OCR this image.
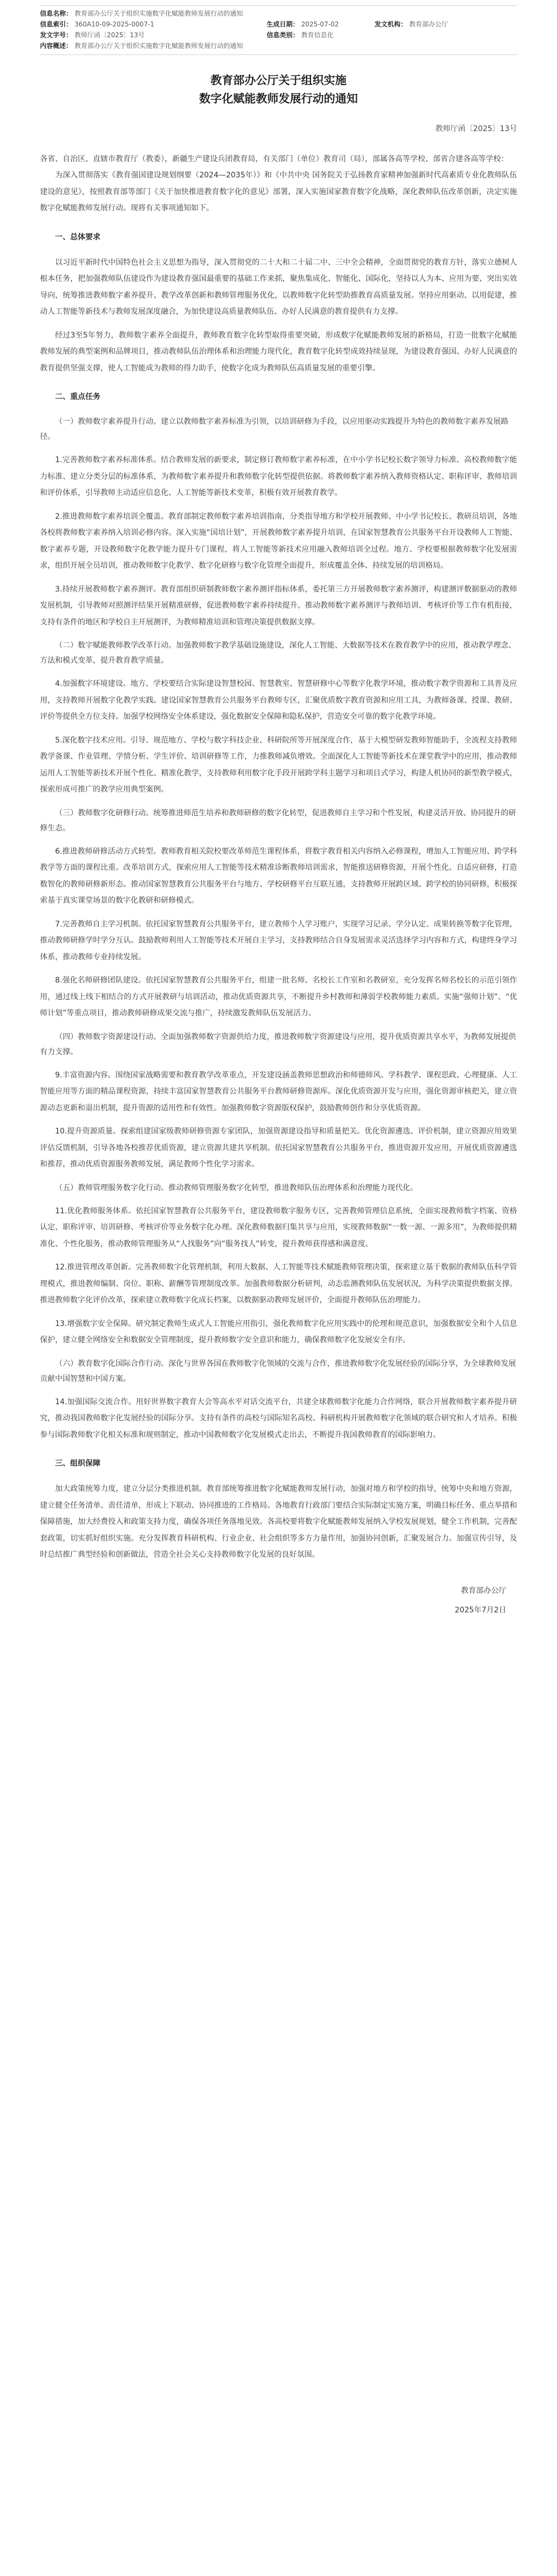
信息名称： 教育部办公厅关于组织实施数字化赋能教师发展行动的通知
信息索引： 360A10-09-2025-0007-1	生成日期： 2025-07-02	发文机构： 教育部办公厅
发文字号： 教师厅函〔2025〕13号	信息类别： 教育信息化
内容概述： 教育部办公厅关于组织实施数字化赋能教师发展行动的通知
教育部办公厅关于组织实施
数字化赋能教师发展行动的通知
教师厅函〔2025〕13号
各省、自治区、直辖市教育厅（教委），新疆生产建设兵团教育局，有关部门（单位）教育司（局），部属各高等学校、部省合建各高等学校：

为深入贯彻落实《教育强国建设规划纲要（2024—2035年）》和《中共中央 国务院关于弘扬教育家精神加强新时代高素质专业化教师队伍建设的意见》，按照教育部等部门《关于加快推进教育数字化的意见》部署，深入实施国家教育数字化战略，深化教师队伍改革创新，决定实施数字化赋能教师发展行动。现将有关事项通知如下。

一、总体要求

以习近平新时代中国特色社会主义思想为指导，深入贯彻党的二十大和二十届二中、三中全会精神，全面贯彻党的教育方针，落实立德树人根本任务，把加强教师队伍建设作为建设教育强国最重要的基础工作来抓，聚焦集成化、智能化、国际化，坚持以人为本、应用为要、突出实效导向，统筹推进教师数字素养提升、教学改革创新和教师管理服务优化，以教师数字化转型助推教育高质量发展。坚持应用驱动、以用促建，推动人工智能等新技术与教师发展深度融合，为加快建设高质量教师队伍、办好人民满意的教育提供有力支撑。

经过3至5年努力，教师数字素养全面提升，教师教育数字化转型取得重要突破，形成数字化赋能教师发展的新格局，打造一批数字化赋能教师发展的典型案例和品牌项目，推动教师队伍治理体系和治理能力现代化，教育数字化转型成效持续显现，为建设教育强国、办好人民满意的教育提供坚强支撑，使人工智能成为教师的得力助手，使数字化成为教师队伍高质量发展的重要引擎。

二、重点任务

（一）教师数字素养提升行动。建立以教师数字素养标准为引领，以培训研修为手段，以应用驱动实践提升为特色的教师数字素养发展路径。

1.完善教师数字素养标准体系。结合教师发展的新要求，制定修订教师数字素养标准，在中小学书记校长数字领导力标准、高校教师数字能力标准、建立分类分层的标准体系，为教师数字素养提升和教师数字化转型提供依据。将教师数字素养纳入教师资格认定、职称评审、教师培训和评价体系，引导教师主动适应信息化、人工智能等新技术变革，积极有效开展教育教学。

2.推进教师数字素养培训全覆盖。教育部制定教师数字素养培训指南，分类指导地方和学校开展教师、中小学书记校长、教研员培训，各地各校将教师数字素养纳入培训必修内容。深入实施“国培计划”，开展教师数字素养提升培训，在国家智慧教育公共服务平台开设教师人工智能、数字素养专题，开设教师数字化教学能力提升专门课程，将人工智能等新技术应用融入教师培训全过程。地方、学校要根据教师数字化发展需求，组织开展全员培训，推动教师数字化教学、数字化研修与数字化管理全面提升，形成覆盖全体、持续发展的培训格局。

3.持续开展教师数字素养测评。教育部组织研制教师数字素养测评指标体系，委托第三方开展教师数字素养测评，构建测评数据驱动的教师发展机制，引导教师对照测评结果开展精准研修，促进教师数字素养持续提升。推动教师数字素养测评与教师培训、考核评价等工作有机衔接，支持有条件的地区和学校自主开展测评，为教师精准培训和管理决策提供数据支撑。

（二）数字赋能教师教学改革行动。加强教师数字教学基础设施建设，深化人工智能、大数据等技术在教育教学中的应用，推动教学理念、方法和模式变革，提升教育教学质量。

4.加强数字环境建设。地方、学校要结合实际建设智慧校园、智慧教室、智慧研修中心等数字化教学环境，推动数字教学资源和工具普及应用，支持教师开展数字化教学实践。建设国家智慧教育公共服务平台教师专区，汇聚优质数字教育资源和应用工具，为教师备课、授课、教研、评价等提供全方位支持。加强学校网络安全体系建设，强化数据安全保障和隐私保护，营造安全可靠的数字化教学环境。

5.深化数字技术应用。引导、规范地方、学校与数字科技企业、科研院所等开展深度合作，基于大模型研发教师智能助手，全流程支持教师教学备课、作业管理、学情分析、学生评价、培训研修等工作，力推教师减负增效。全面深化人工智能等新技术在课堂教学中的应用，推动教师运用人工智能等新技术开展个性化、精准化教学，支持教师利用数字化手段开展跨学科主题学习和项目式学习，构建人机协同的新型教学模式，探索形成可推广的教学应用典型案例。

（三）教师数字化研修行动。统筹推进师范生培养和教师研修的数字化转型，促进教师自主学习和个性发展，构建灵活开放、协同提升的研修生态。

6.推进教师研修活动方式转型。教师教育相关院校要改革师范生课程体系，将数字教育相关内容纳入必修课程，增加人工智能应用、跨学科教学等方面的课程比重。改革培训方式，探索应用人工智能等技术精准诊断教师培训需求，智能推送研修资源，开展个性化、自适应研修，打造数智化的教师研修新形态。推动国家智慧教育公共服务平台与地方、学校研修平台互联互通，支持教师开展跨区域、跨学校的协同研修，积极探索基于真实课堂场景的数字化教研和研修模式。

7.完善教师自主学习机制。依托国家智慧教育公共服务平台，建立教师个人学习账户，实现学习记录、学分认定、成果转换等数字化管理，推动教师研修学时学分互认。鼓励教师利用人工智能等技术开展自主学习，支持教师结合自身发展需求灵活选择学习内容和方式，构建终身学习体系，推动教师专业持续发展。

8.强化名师研修团队建设。依托国家智慧教育公共服务平台，组建一批名师、名校长工作室和名教研室，充分发挥名师名校长的示范引领作用，通过线上线下相结合的方式开展教研与培训活动，推动优质资源共享，不断提升乡村教师和薄弱学校教师能力素质。实施“强师计划”、“优师计划”等重点项目，推动教师研修成果交流与推广，持续激发教师队伍发展活力。

（四）教师数字资源建设行动。全面加强教师数字资源供给力度，推进教师数字资源建设与应用，提升优质资源共享水平，为教师发展提供有力支撑。

9.丰富资源内容。围绕国家战略需要和教育教学改革重点，开发建设涵盖教师思想政治和师德师风、学科教学、课程思政、心理健康、人工智能应用等方面的精品课程资源，持续丰富国家智慧教育公共服务平台教师研修资源库。深化优质资源开发与应用，强化资源审核把关，建立资源动态更新和退出机制，提升资源的适用性和有效性。加强教师数字资源版权保护，鼓励教师创作和分享优质资源。

10.提升资源质量。探索组建国家级教师研修资源专家团队，加强资源建设指导和质量把关。优化资源遴选、评价机制，建立资源应用效果评估反馈机制，引导各地各校推荐优质资源，建立资源共建共享机制。依托国家智慧教育公共服务平台，推进资源开发应用，开展优质资源遴选和推荐，推动优质资源服务教师发展，满足教师个性化学习需求。

（五）教师管理服务数字化行动。推动教师管理服务数字化转型，推进教师队伍治理体系和治理能力现代化。

11.优化教师服务体系。依托国家智慧教育公共服务平台，建设教师数字服务专区，完善教师管理信息系统，全面实现教师数字档案、资格认定、职称评审、培训研修、考核评价等业务数字化办理。深化教师数据归集共享与应用，实现教师数据“一数一源、一源多用”，为教师提供精准化、个性化服务，推动教师管理服务从“人找服务”向“服务找人”转变，提升教师获得感和满意度。

12.推进管理改革创新。完善教师数字化管理机制，利用大数据、人工智能等技术赋能教师管理决策，探索建立基于数据的教师队伍科学管理模式，推进教师编制、岗位、职称、薪酬等管理制度改革。加强教师数据分析研判，动态监测教师队伍发展状况，为科学决策提供数据支撑。推进教师数字化评价改革，探索建立教师数字化成长档案，以数据驱动教师发展评价，全面提升教师队伍治理能力。

13.增强数字安全保障。研究制定教师生成式人工智能应用指引，强化教师数字化应用实践中的伦理和规范意识，加强数据安全和个人信息保护，建立健全网络安全和数据安全管理制度，提升教师数字安全意识和能力，确保教师数字化发展安全有序。

（六）教育数字化国际合作行动。深化与世界各国在教师数字化领域的交流与合作，推进教师数字化发展经验的国际分享，为全球教师发展贡献中国智慧和中国方案。

14.加强国际交流合作。用好世界数字教育大会等高水平对话交流平台，共建全球教师数字化能力合作网络，联合开展教师数字素养提升研究，推动我国教师数字化发展经验的国际分享。支持有条件的高校与国际知名高校、科研机构开展教师数字化领域的联合研究和人才培养。积极参与国际教师数字化相关标准和规则制定，推动中国教师数字化发展模式走出去，不断提升我国教师教育的国际影响力。

三、组织保障

加大政策统筹力度，建立分层分类推进机制。教育部统筹推进数字化赋能教师发展行动，加强对地方和学校的指导，统筹中央和地方资源，建立健全任务清单、责任清单，形成上下联动、协同推进的工作格局。各地教育行政部门要结合实际制定实施方案，明确目标任务、重点举措和保障措施，加大经费投入和政策支持力度，确保各项任务落地见效。各高校要将数字化赋能教师发展纳入学校发展规划，健全工作机制，完善配套政策，切实抓好组织实施。充分发挥教育科研机构、行业企业、社会组织等多方力量作用，加强协同创新，汇聚发展合力。加强宣传引导，及时总结推广典型经验和创新做法，营造全社会关心支持教师数字化发展的良好氛围。

教育部办公厅
2025年7月2日
